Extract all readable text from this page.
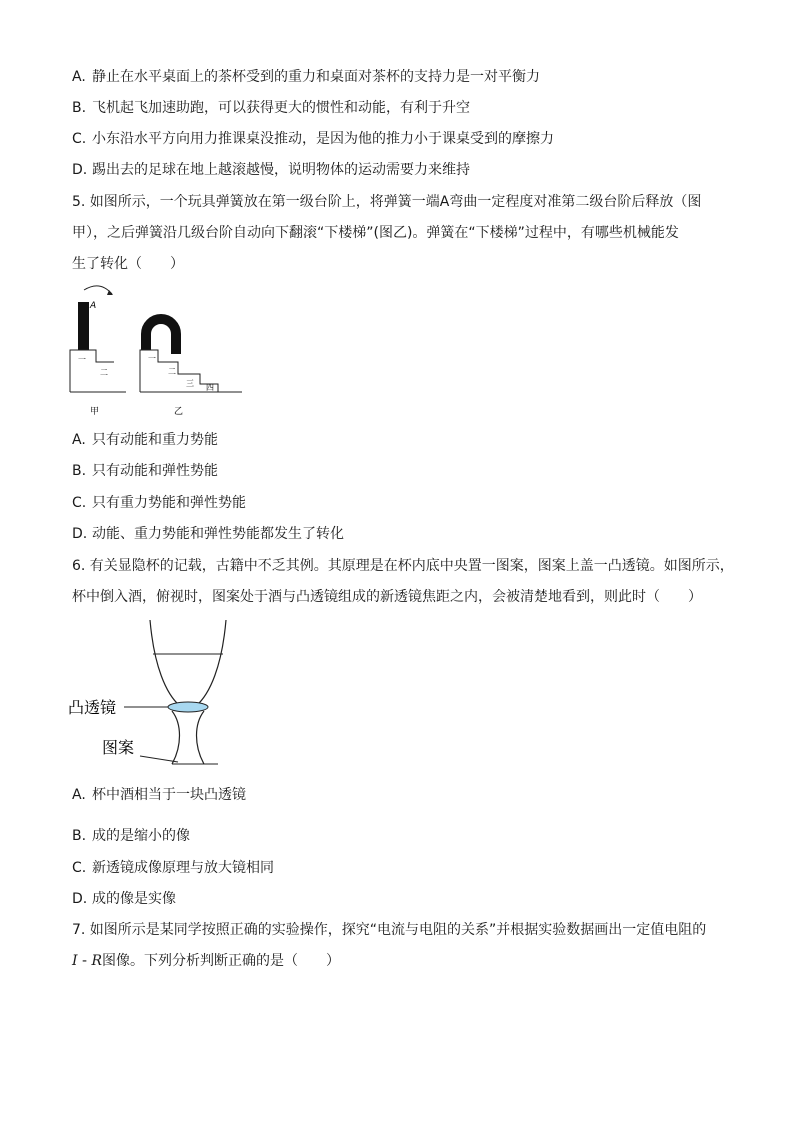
A. 静止在水平桌面上的茶杯受到的重力和桌面对茶杯的支持力是一对平衡力
B. 飞机起飞加速助跑，可以获得更大的惯性和动能，有利于升空
C. 小东沿水平方向用力推课桌没推动，是因为他的推力小于课桌受到的摩擦力
D. 踢出去的足球在地上越滚越慢，说明物体的运动需要力来维持
5. 如图所示，一个玩具弹簧放在第一级台阶上，将弹簧一端A弯曲一定程度对准第二级台阶后释放（图
甲），之后弹簧沿几级台阶自动向下翻滚“下楼梯”(图乙)。弹簧在“下楼梯”过程中，有哪些机械能发
生了转化（　　）
A
一
二
甲
一
二
三 四
乙
A. 只有动能和重力势能
B. 只有动能和弹性势能
C. 只有重力势能和弹性势能
D. 动能、重力势能和弹性势能都发生了转化
6. 有关显隐杯的记载，古籍中不乏其例。其原理是在杯内底中央置一图案，图案上盖一凸透镜。如图所示，
杯中倒入酒，俯视时，图案处于酒与凸透镜组成的新透镜焦距之内，会被清楚地看到，则此时（　　）
凸透镜
图案
A. 杯中酒相当于一块凸透镜
B. 成的是缩小的像
C. 新透镜成像原理与放大镜相同
D. 成的像是实像
7. 如图所示是某同学按照正确的实验操作，探究“电流与电阻的关系”并根据实验数据画出一定值电阻的
I - R图像。下列分析判断正确的是（　　）
